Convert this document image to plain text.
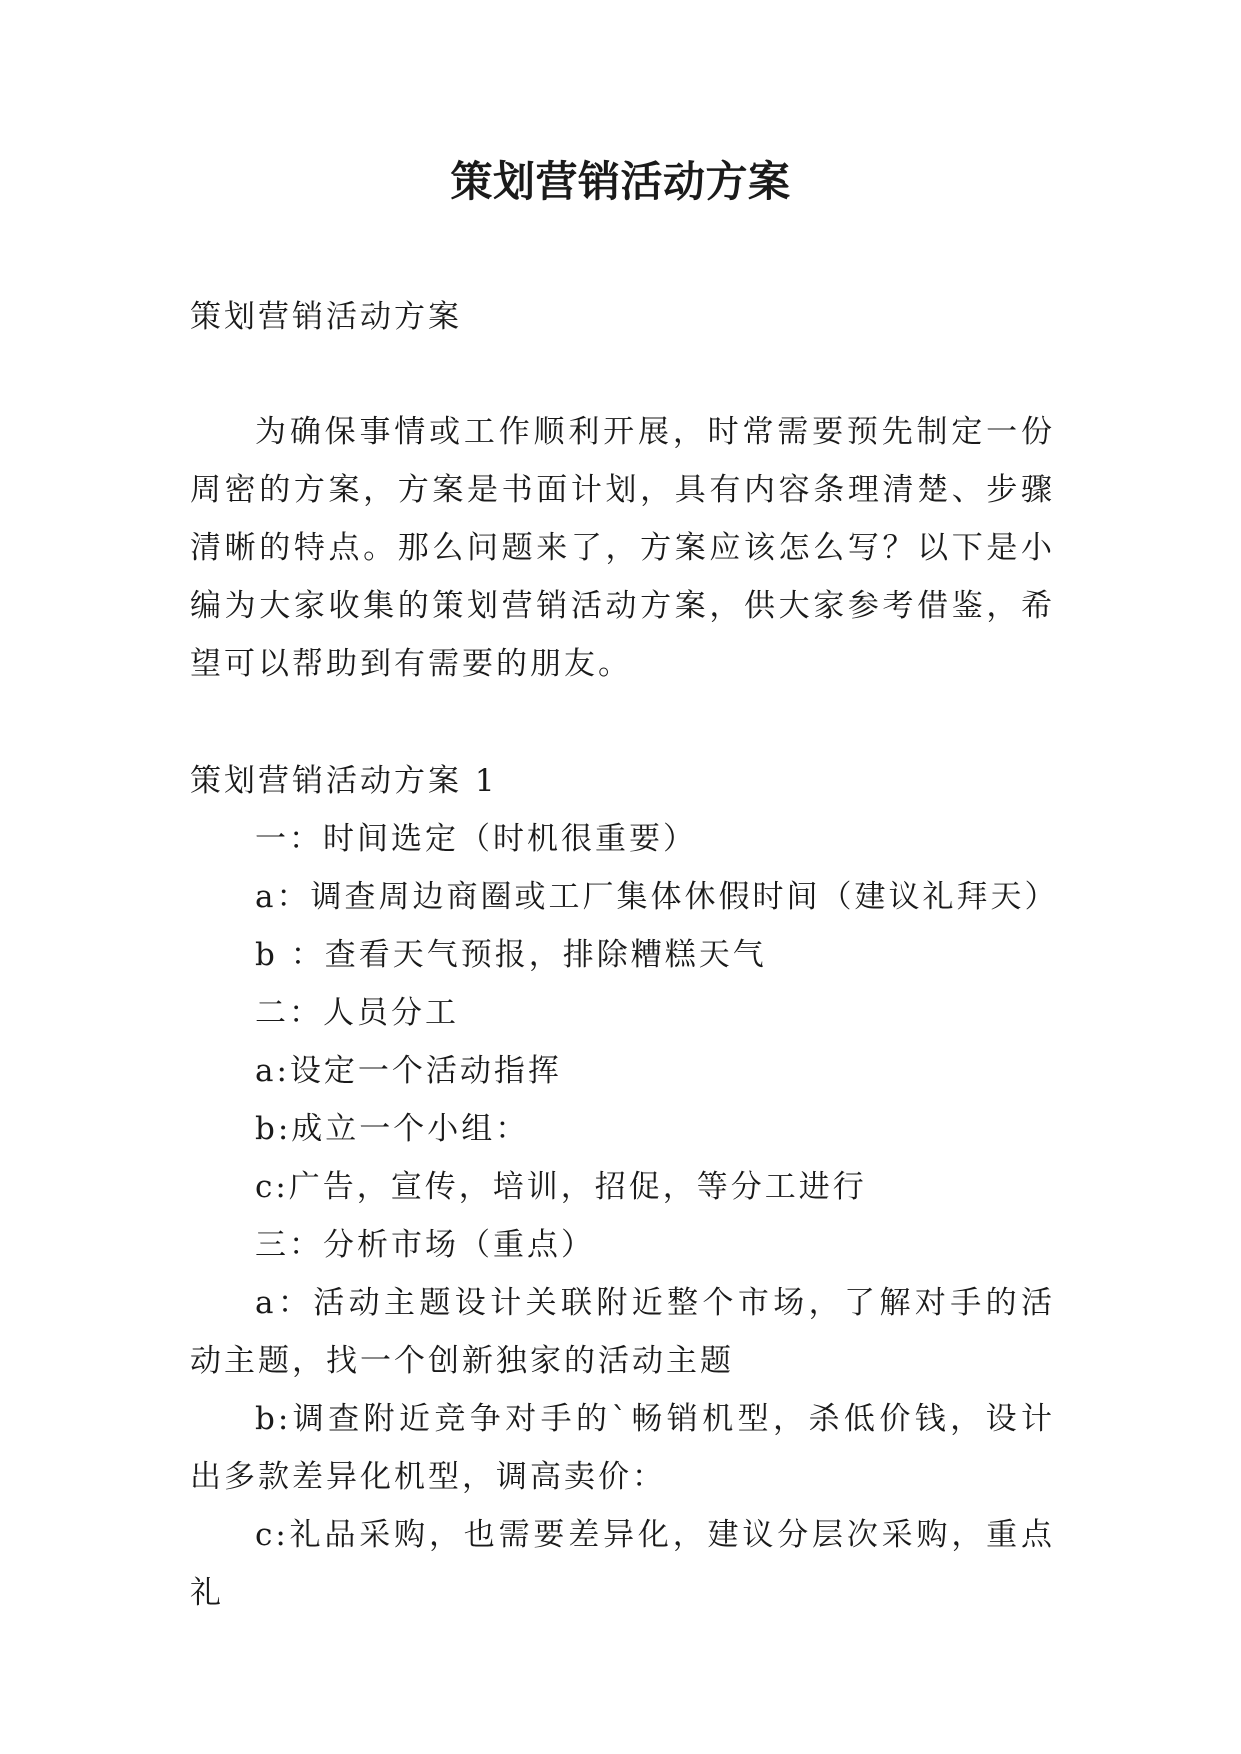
策划营销活动方案

策划营销活动方案

为确保事情或工作顺利开展，时常需要预先制定一份周密的方案，方案是书面计划，具有内容条理清楚、步骤清晰的特点。那么问题来了，方案应该怎么写？以下是小编为大家收集的策划营销活动方案，供大家参考借鉴，希望可以帮助到有需要的朋友。

策划营销活动方案 1

一：时间选定（时机很重要）
a：调查周边商圈或工厂集体休假时间（建议礼拜天）
b ：查看天气预报，排除糟糕天气
二：人员分工
a:设定一个活动指挥
b:成立一个小组：
c:广告，宣传，培训，招促，等分工进行
三：分析市场（重点）
a：活动主题设计关联附近整个市场，了解对手的活动主题，找一个创新独家的活动主题
b:调查附近竞争对手的`畅销机型，杀低价钱，设计出多款差异化机型，调高卖价：
c:礼品采购，也需要差异化，建议分层次采购，重点礼
